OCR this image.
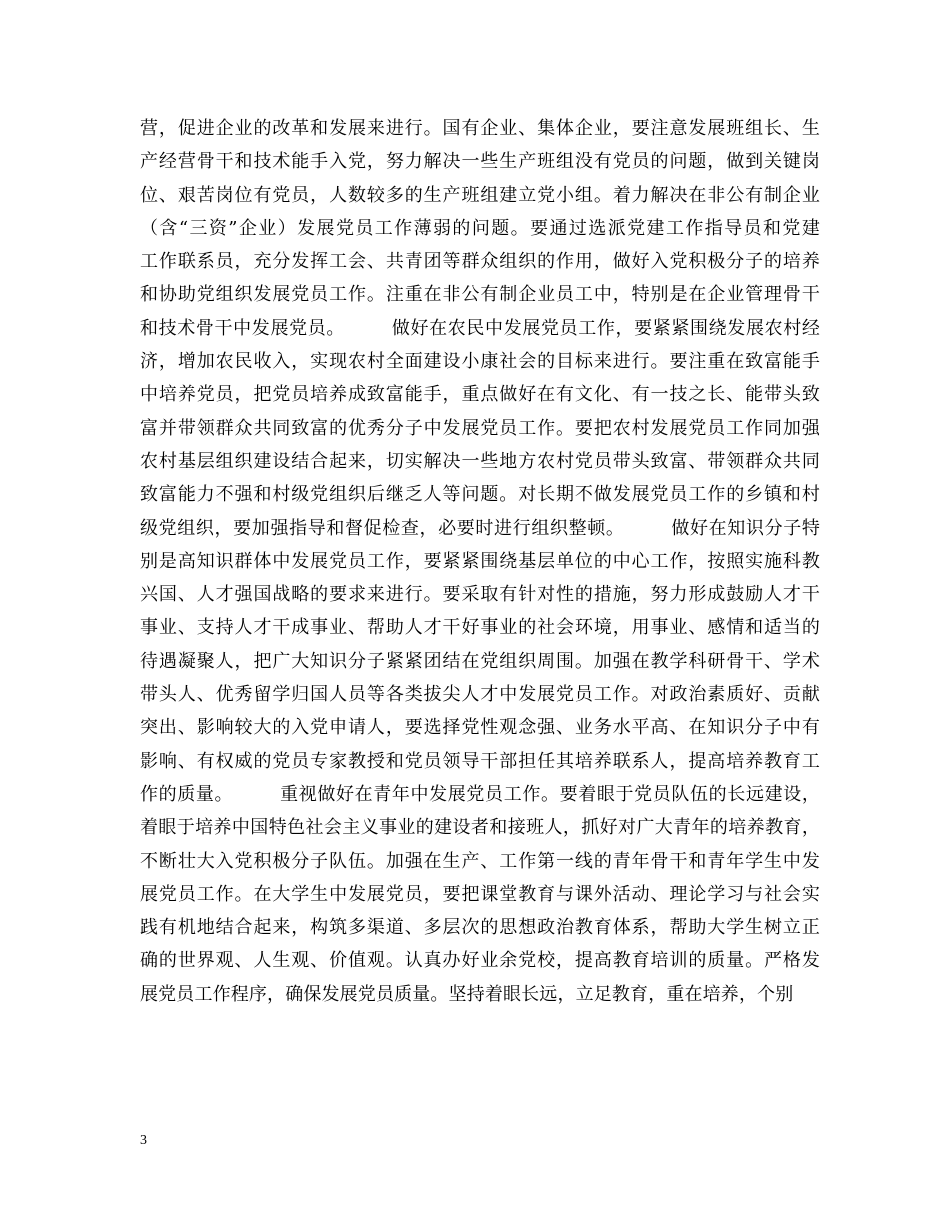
营，促进企业的改革和发展来进行。国有企业、集体企业，要注意发展班组长、生
产经营骨干和技术能手入党，努力解决一些生产班组没有党员的问题，做到关键岗
位、艰苦岗位有党员，人数较多的生产班组建立党小组。着力解决在非公有制企业
（含“三资”企业）发展党员工作薄弱的问题。要通过选派党建工作指导员和党建
工作联系员，充分发挥工会、共青团等群众组织的作用，做好入党积极分子的培养
和协助党组织发展党员工作。注重在非公有制企业员工中，特别是在企业管理骨干
和技术骨干中发展党员。　　　做好在农民中发展党员工作，要紧紧围绕发展农村经
济，增加农民收入，实现农村全面建设小康社会的目标来进行。要注重在致富能手
中培养党员，把党员培养成致富能手，重点做好在有文化、有一技之长、能带头致
富并带领群众共同致富的优秀分子中发展党员工作。要把农村发展党员工作同加强
农村基层组织建设结合起来，切实解决一些地方农村党员带头致富、带领群众共同
致富能力不强和村级党组织后继乏人等问题。对长期不做发展党员工作的乡镇和村
级党组织，要加强指导和督促检查，必要时进行组织整顿。　　　做好在知识分子特
别是高知识群体中发展党员工作，要紧紧围绕基层单位的中心工作，按照实施科教
兴国、人才强国战略的要求来进行。要采取有针对性的措施，努力形成鼓励人才干
事业、支持人才干成事业、帮助人才干好事业的社会环境，用事业、感情和适当的
待遇凝聚人，把广大知识分子紧紧团结在党组织周围。加强在教学科研骨干、学术
带头人、优秀留学归国人员等各类拔尖人才中发展党员工作。对政治素质好、贡献
突出、影响较大的入党申请人，要选择党性观念强、业务水平高、在知识分子中有
影响、有权威的党员专家教授和党员领导干部担任其培养联系人，提高培养教育工
作的质量。　　　重视做好在青年中发展党员工作。要着眼于党员队伍的长远建设，
着眼于培养中国特色社会主义事业的建设者和接班人，抓好对广大青年的培养教育，
不断壮大入党积极分子队伍。加强在生产、工作第一线的青年骨干和青年学生中发
展党员工作。在大学生中发展党员，要把课堂教育与课外活动、理论学习与社会实
践有机地结合起来，构筑多渠道、多层次的思想政治教育体系，帮助大学生树立正
确的世界观、人生观、价值观。认真办好业余党校，提高教育培训的质量。严格发
展党员工作程序，确保发展党员质量。坚持着眼长远，立足教育，重在培养，个别
3
